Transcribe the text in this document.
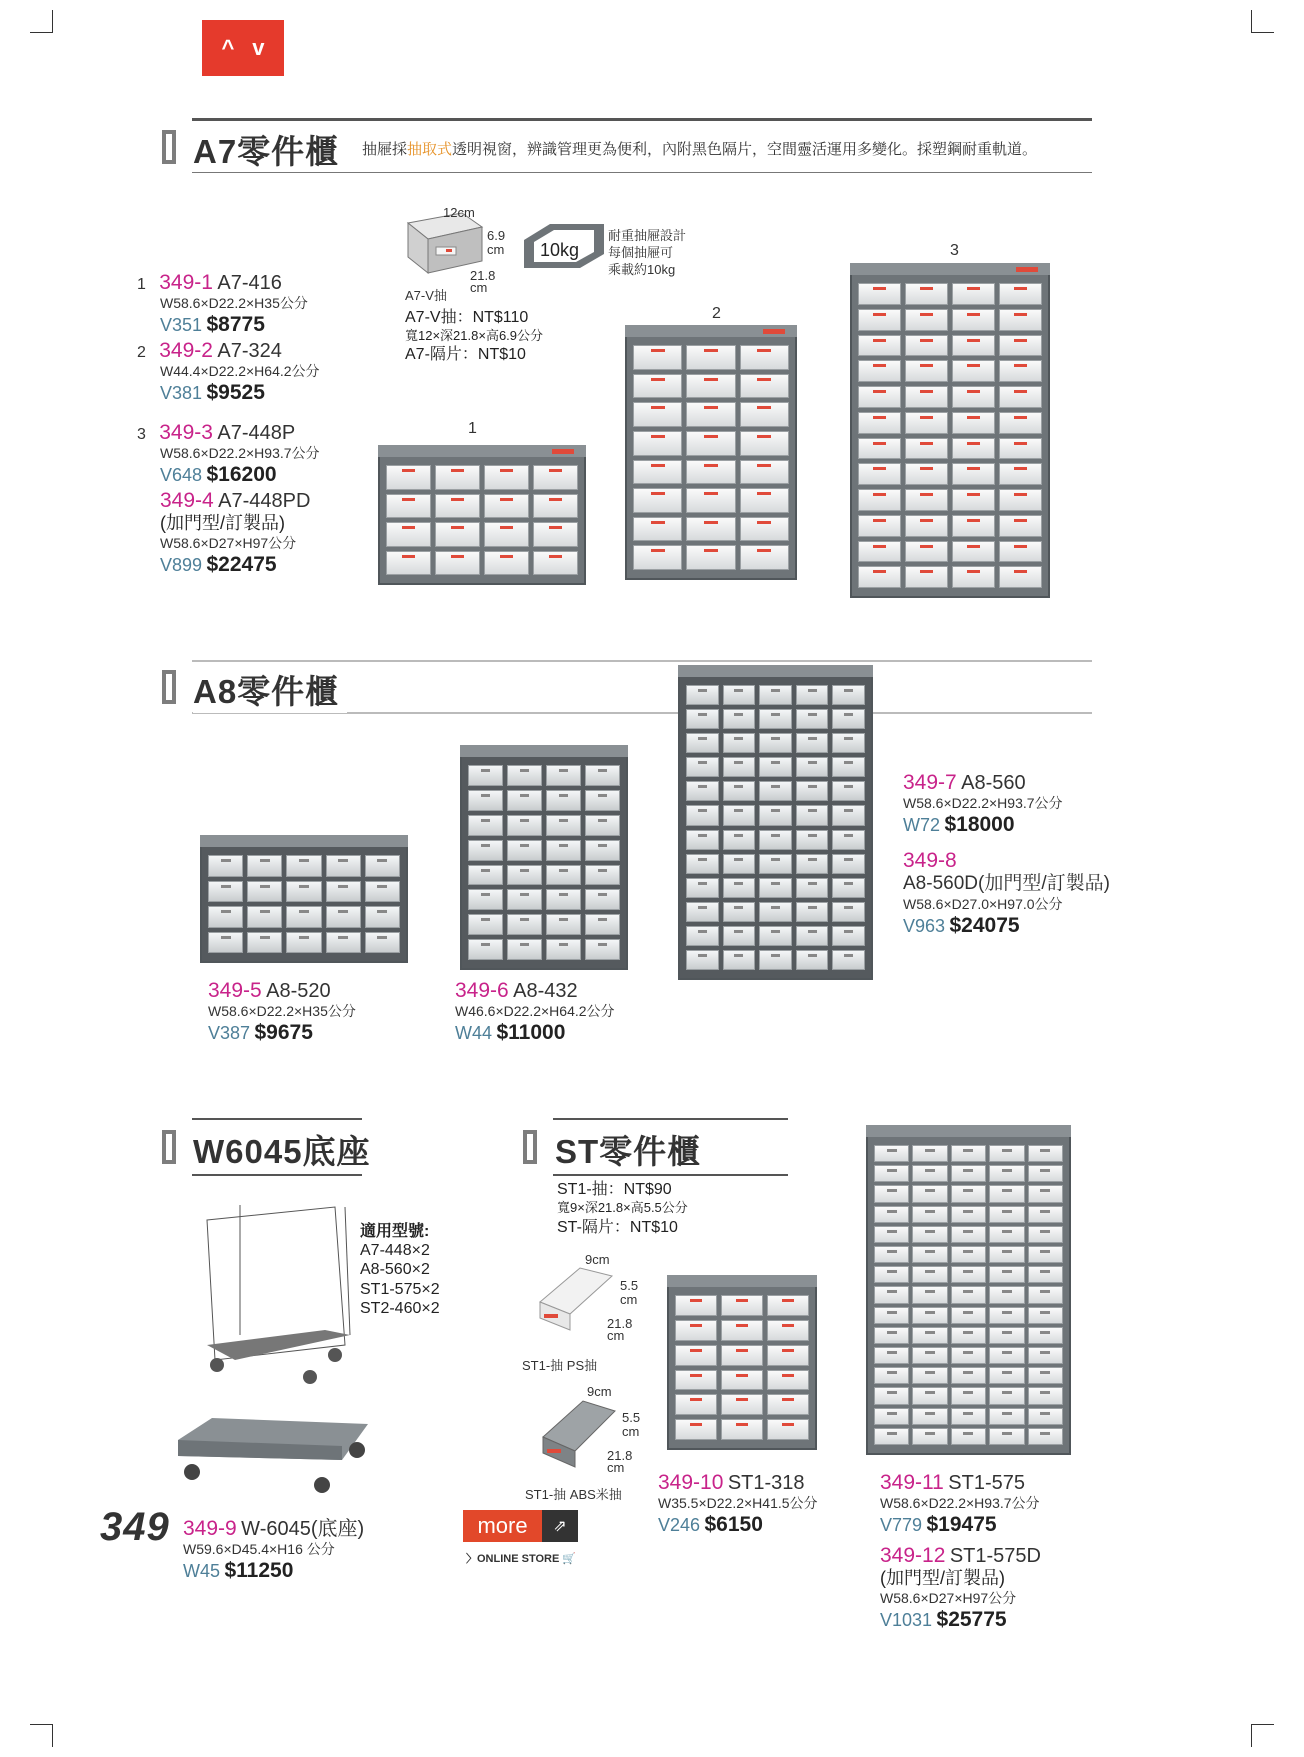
^ v
A7零件櫃 抽屜採抽取式透明視窗，辨識管理更為便利，內附黑色隔片，空間靈活運用多變化。採塑鋼耐重軌道。
12cm
6.9
cm
21.8
cm
A7-V抽
10kg
耐重抽屜設計
每個抽屜可
乘載約10kg
A7-V抽：NT$110
寬12×深21.8×高6.9公分
A7-隔片：NT$10
1 349-1 A7-416
W58.6×D22.2×H35公分
V351 $8775
2 349-2 A7-324
W44.4×D22.2×H64.2公分
V381 $9525
3 349-3 A7-448P
W58.6×D22.2×H93.7公分
V648 $16200
349-4 A7-448PD
(加門型/訂製品)
W58.6×D27×H97公分
V899 $22475
1
2
3
A8零件櫃
349-5 A8-520
W58.6×D22.2×H35公分
V387 $9675
349-6 A8-432
W46.6×D22.2×H64.2公分
W44 $11000
349-7 A8-560
W58.6×D22.2×H93.7公分
W72 $18000
349-8
A8-560D(加門型/訂製品)
W58.6×D27.0×H97.0公分
V963 $24075
W6045底座
適用型號:
A7-448×2
A8-560×2
ST1-575×2
ST2-460×2
349-9 W-6045(底座)
W59.6×D45.4×H16 公分
W45 $11250
ST零件櫃
ST1-抽：NT$90
寬9×深21.8×高5.5公分
ST-隔片：NT$10
9cm
5.5
cm
21.8
cm
ST1-抽 PS抽
9cm
5.5
cm
21.8
cm
ST1-抽 ABS米抽
349-10 ST1-318
W35.5×D22.2×H41.5公分
V246 $6150
349-11 ST1-575
W58.6×D22.2×H93.7公分
V779 $19475
349-12 ST1-575D
(加門型/訂製品)
W58.6×D27×H97公分
V1031 $25775
349	more	⇗
〉ONLINE STORE 🛒
